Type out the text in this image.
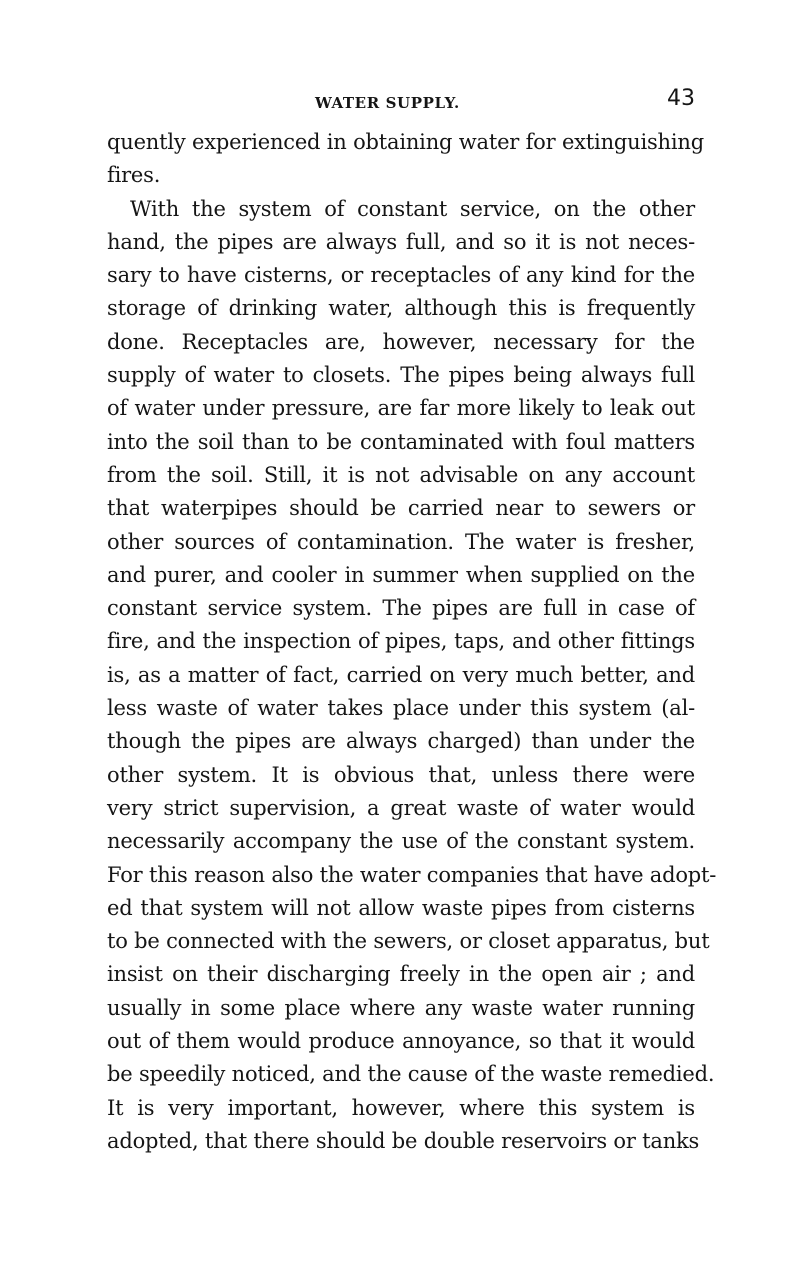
WATER SUPPLY.	43
quently experienced in obtaining water for extinguishing
fires.
With the system of constant service, on the other
hand, the pipes are always full, and so it is not neces-
sary to have cisterns, or receptacles of any kind for the
storage of drinking water, although this is frequently
done. Receptacles are, however, necessary for the
supply of water to closets. The pipes being always full
of water under pressure, are far more likely to leak out
into the soil than to be contaminated with foul matters
from the soil. Still, it is not advisable on any account
that waterpipes should be carried near to sewers or
other sources of contamination. The water is fresher,
and purer, and cooler in summer when supplied on the
constant service system. The pipes are full in case of
fire, and the inspection of pipes, taps, and other fittings
is, as a matter of fact, carried on very much better, and
less waste of water takes place under this system (al-
though the pipes are always charged) than under the
other system. It is obvious that, unless there were
very strict supervision, a great waste of water would
necessarily accompany the use of the constant system.
For this reason also the water companies that have adopt-
ed that system will not allow waste pipes from cisterns
to be connected with the sewers, or closet apparatus, but
insist on their discharging freely in the open air ; and
usually in some place where any waste water running
out of them would produce annoyance, so that it would
be speedily noticed, and the cause of the waste remedied.
It is very important, however, where this system is
adopted, that there should be double reservoirs or tanks
